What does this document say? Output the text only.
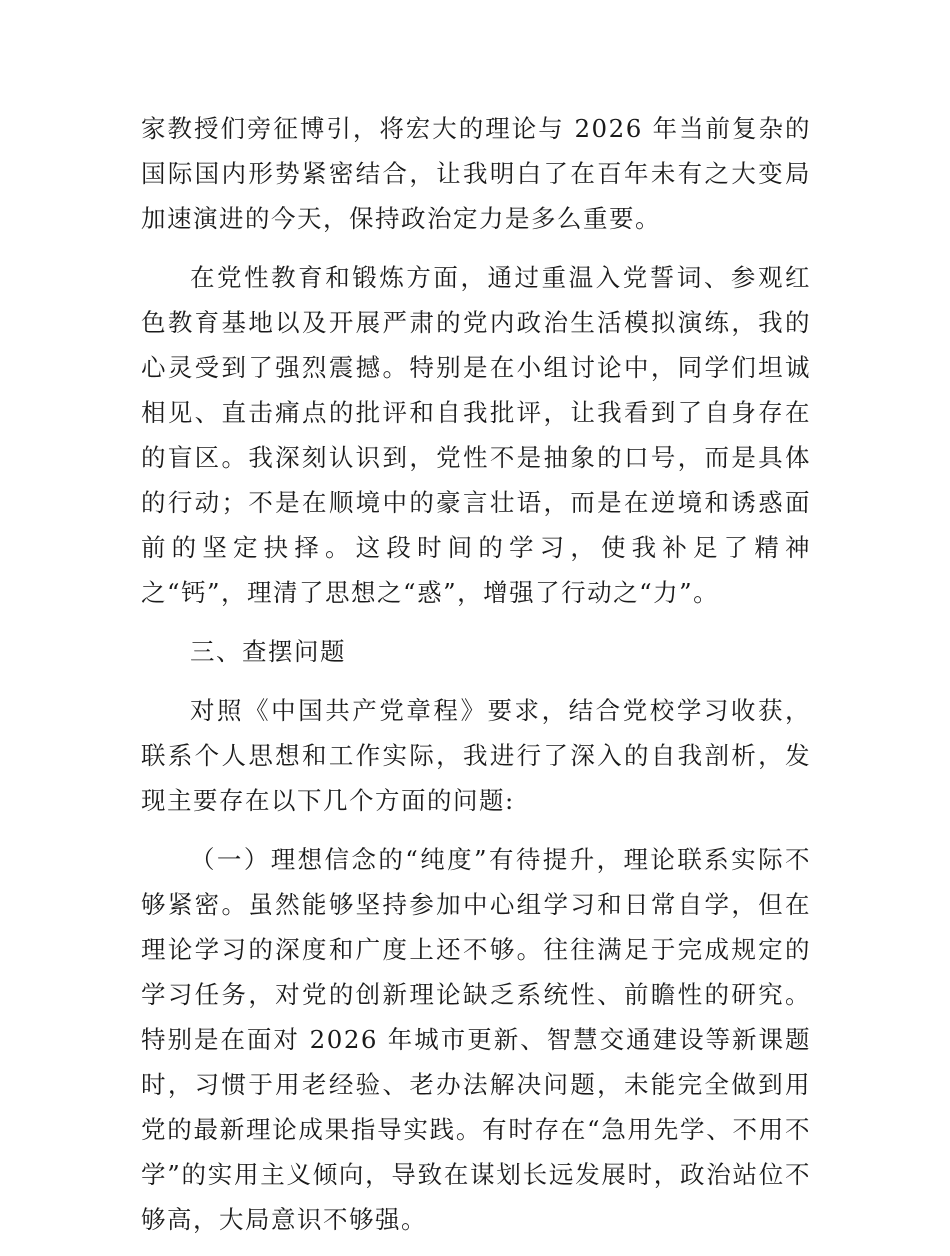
家教授们旁征博引，将宏大的理论与 2026 年当前复杂的国际国内形势紧密结合，让我明白了在百年未有之大变局加速演进的今天，保持政治定力是多么重要。

在党性教育和锻炼方面，通过重温入党誓词、参观红色教育基地以及开展严肃的党内政治生活模拟演练，我的心灵受到了强烈震撼。特别是在小组讨论中，同学们坦诚相见、直击痛点的批评和自我批评，让我看到了自身存在的盲区。我深刻认识到，党性不是抽象的口号，而是具体的行动；不是在顺境中的豪言壮语，而是在逆境和诱惑面前的坚定抉择。这段时间的学习，使我补足了精神之“钙”，理清了思想之“惑”，增强了行动之“力”。

三、查摆问题

对照《中国共产党章程》要求，结合党校学习收获，联系个人思想和工作实际，我进行了深入的自我剖析，发现主要存在以下几个方面的问题:

（一）理想信念的“纯度”有待提升，理论联系实际不够紧密。虽然能够坚持参加中心组学习和日常自学，但在理论学习的深度和广度上还不够。往往满足于完成规定的学习任务，对党的创新理论缺乏系统性、前瞻性的研究。特别是在面对 2026 年城市更新、智慧交通建设等新课题时，习惯于用老经验、老办法解决问题，未能完全做到用党的最新理论成果指导实践。有时存在“急用先学、不用不学”的实用主义倾向，导致在谋划长远发展时，政治站位不够高，大局意识不够强。
